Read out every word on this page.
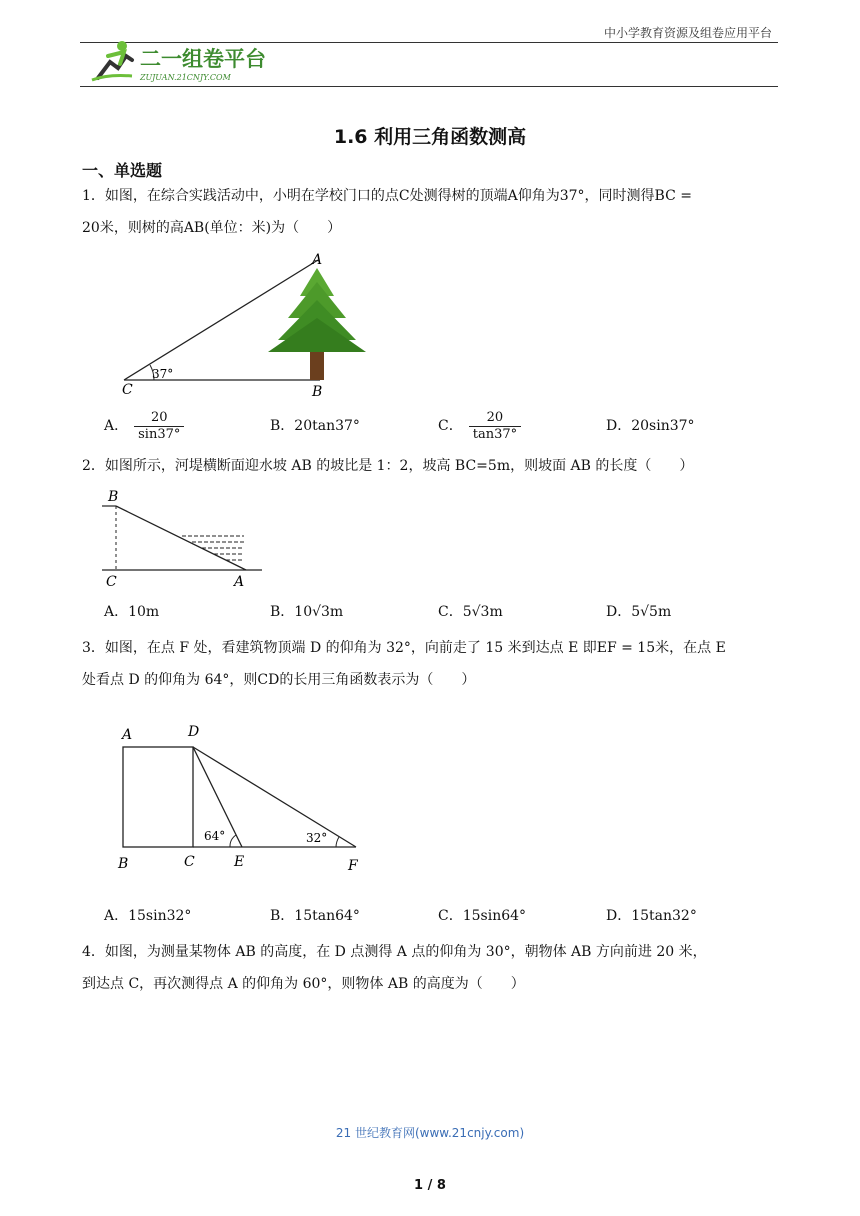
中小学教育资源及组卷应用平台
二一组卷平台
ZUJUAN.21CNJY.COM
1.6 利用三角函数测高
一、单选题
1．如图，在综合实践活动中，小明在学校门口的点C处测得树的顶端A仰角为37°，同时测得BC =
20米，则树的高AB(单位：米)为（　　）
A
B
C
37°
A． $\frac{20}{\sin 37^\circ}$	B．20tan37°	C． $\frac{20}{\tan 37^\circ}$	D．20sin37°
2．如图所示，河堤横断面迎水坡 AB 的坡比是 1：2，坡高 BC=5m，则坡面 AB 的长度（　　）
B
C	A
A．10m	B．10√3m	C．5√3m	D．5√5m
3．如图，在点 F 处，看建筑物顶端 D 的仰角为 32°，向前走了 15 米到达点 E 即EF = 15米，在点 E
处看点 D 的仰角为 64°，则CD的长用三角函数表示为（　　）
A	D
B	C	E	F
64°	32°
A．15sin32°	B．15tan64°	C．15sin64°	D．15tan32°
4．如图，为测量某物体 AB 的高度，在 D 点测得 A 点的仰角为 30°，朝物体 AB 方向前进 20 米，
到达点 C，再次测得点 A 的仰角为 60°，则物体 AB 的高度为（　　）
21 世纪教育网(www.21cnjy.com)
1 / 8
